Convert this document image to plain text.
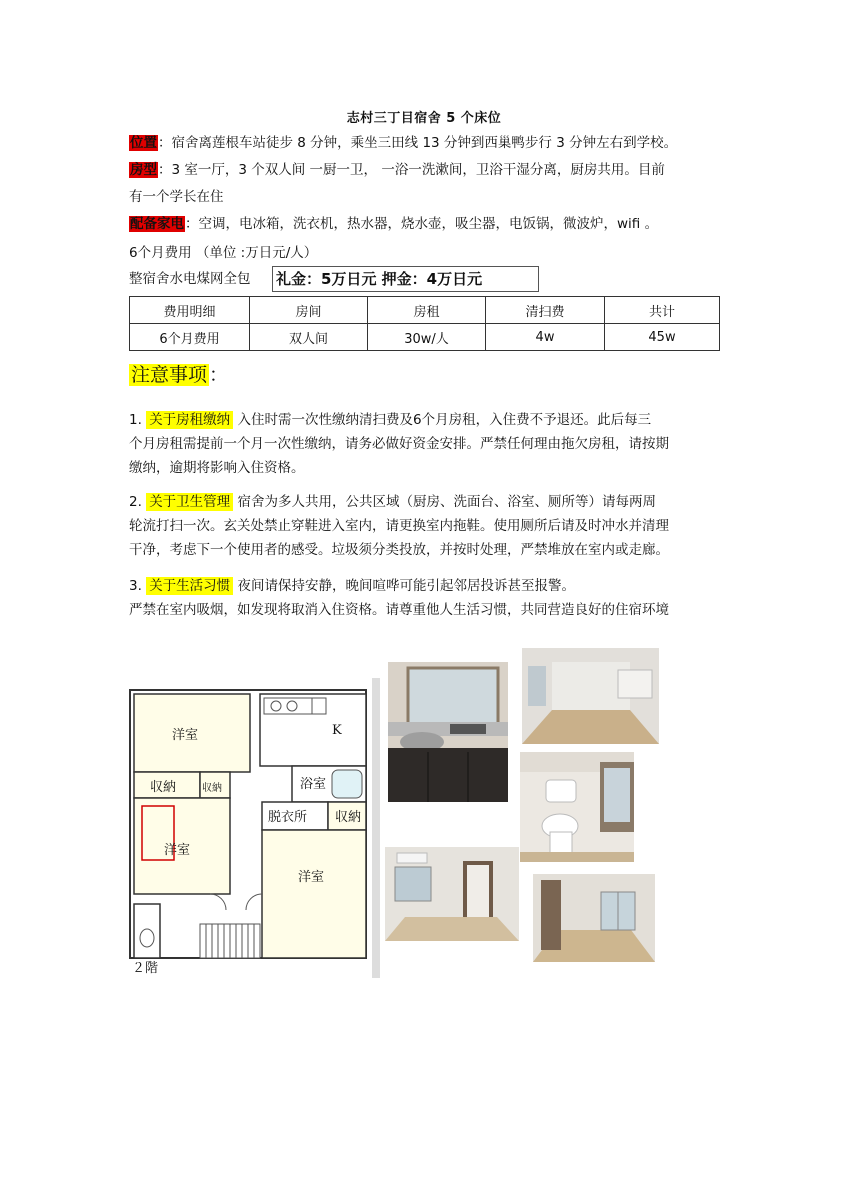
志村三丁目宿舍 5 个床位
位置：宿舍离莲根车站徒步 8 分钟，乘坐三田线 13 分钟到西巢鸭步行 3 分钟左右到学校。
房型：3 室一厅，3 个双人间 一厨一卫， 一浴一洗漱间，卫浴干湿分离，厨房共用。目前
有一个学长在住
配备家电：空调，电冰箱，洗衣机，热水器，烧水壶，吸尘器，电饭锅，微波炉，wifi 。
6个月费用 （单位 :万日元/人）
整宿舍水电煤网全包	礼金：5万日元 押金：4万日元
费用明细	房间	房租	清扫费	共计
6个月费用	双人间	30w/人	4w	45w
注意事项 ：
1. 关于房租缴纳 入住时需一次性缴纳清扫费及6个月房租，入住费不予退还。此后每三
个月房租需提前一个月一次性缴纳，请务必做好资金安排。严禁任何理由拖欠房租，请按期
缴纳，逾期将影响入住资格。
2. 关于卫生管理 宿舍为多人共用，公共区域（厨房、洗面台、浴室、厕所等）请每两周
轮流打扫一次。玄关处禁止穿鞋进入室内，请更换室内拖鞋。使用厕所后请及时冲水并清理
干净，考虑下一个使用者的感受。垃圾须分类投放，并按时处理，严禁堆放在室内或走廊。
3. 关于生活习惯 夜间请保持安静，晚间喧哗可能引起邻居投诉甚至报警。
严禁在室内吸烟，如发现将取消入住资格。请尊重他人生活习惯，共同营造良好的住宿环境
洋室	K
収納	収納	浴室
脱衣所 収納
洋室
洋室
２階
